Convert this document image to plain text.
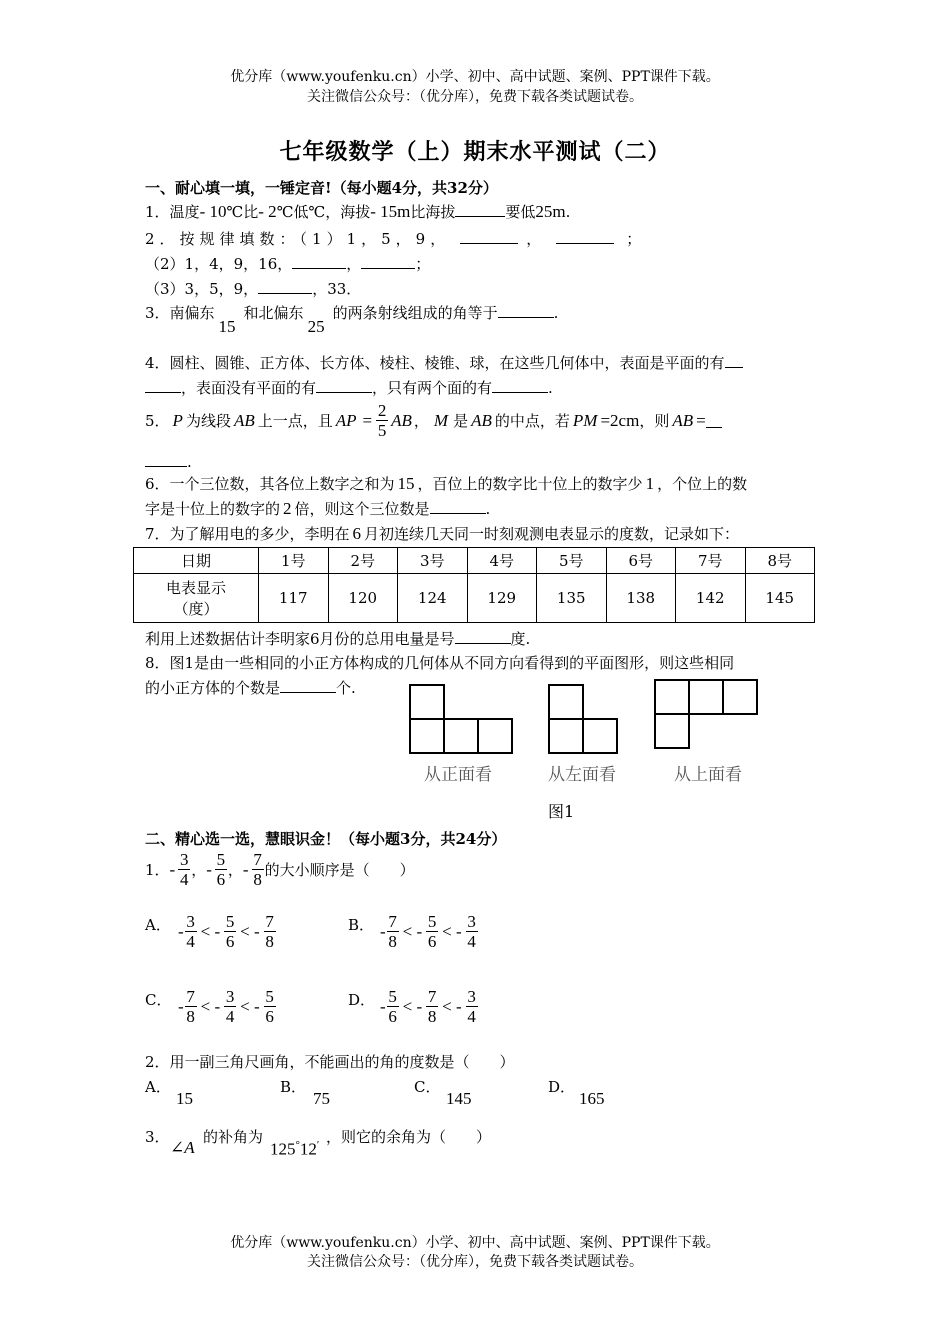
优分库（www.youfenku.cn）小学、初中、高中试题、案例、PPT课件下载。
关注微信公众号：（优分库），免费下载各类试题试卷。
七年级数学（上）期末水平测试（二）
一、耐心填一填，一锤定音!（每小题4分，共32分）
1．温度- 10℃比- 2℃低℃，海拔- 15m比海拔	要低25m.
2．按规律填数：（1）1，5，9，	，	；
（2）1，4，9，16，	，	；
（3）3，5，9，	，33．
3．南偏东15和北偏东25的两条射线组成的角等于	.
4．圆柱、圆锥、正方体、长方体、棱柱、棱锥、球，在这些几何体中，表面是平面的有
，表面没有平面的有	，只有两个面的有	.
5． P 为线段 AB 上一点，且 AP = $\frac{2}{5}$ AB ， M 是 AB 的中点，若 PM =2cm ，则 AB =
.
6．一个三位数，其各位上数字之和为 15 ，百位上的数字比十位上的数字少 1 ，个位上的数
字是十位上的数字的 2 倍，则这个三位数是	.
7．为了解用电的多少，李明在 6 月初连续几天同一时刻观测电表显示的度数，记录如下：
日期	1号	2号	3号	4号	5号	6号	7号	8号

电表显示
（度）	117	120	124	129	135	138	142	145
利用上述数据估计李明家6月份的总用电量是号	度.
8．图1是由一些相同的小正方体构成的几何体从不同方向看得到的平面图形，则这些相同
的小正方体的个数是	个.
从正面看	从左面看	从上面看
图1
二、精心选一选，慧眼识金！（每小题3分，共24分）
1． - $\frac{3}{4}$ ， - $\frac{5}{6}$ ， - $\frac{7}{8}$ 的大小顺序是（　　）
A． - $\frac{3}{4}$ < - $\frac{5}{6}$ < - $\frac{7}{8}$	B． - $\frac{7}{8}$ < - $\frac{5}{6}$ < - $\frac{3}{4}$
C． - $\frac{7}{8}$ < - $\frac{3}{4}$ < - $\frac{5}{6}$	D． - $\frac{5}{6}$ < - $\frac{7}{8}$ < - $\frac{3}{4}$
2．用一副三角尺画角，不能画出的角的度数是（　　）
A．
15
B．
75
C．
145
D．
165
3．
∠A
的补角为
125°12′ ，则它的余角为（　　）
优分库（www.youfenku.cn）小学、初中、高中试题、案例、PPT课件下载。
关注微信公众号：（优分库），免费下载各类试题试卷。
